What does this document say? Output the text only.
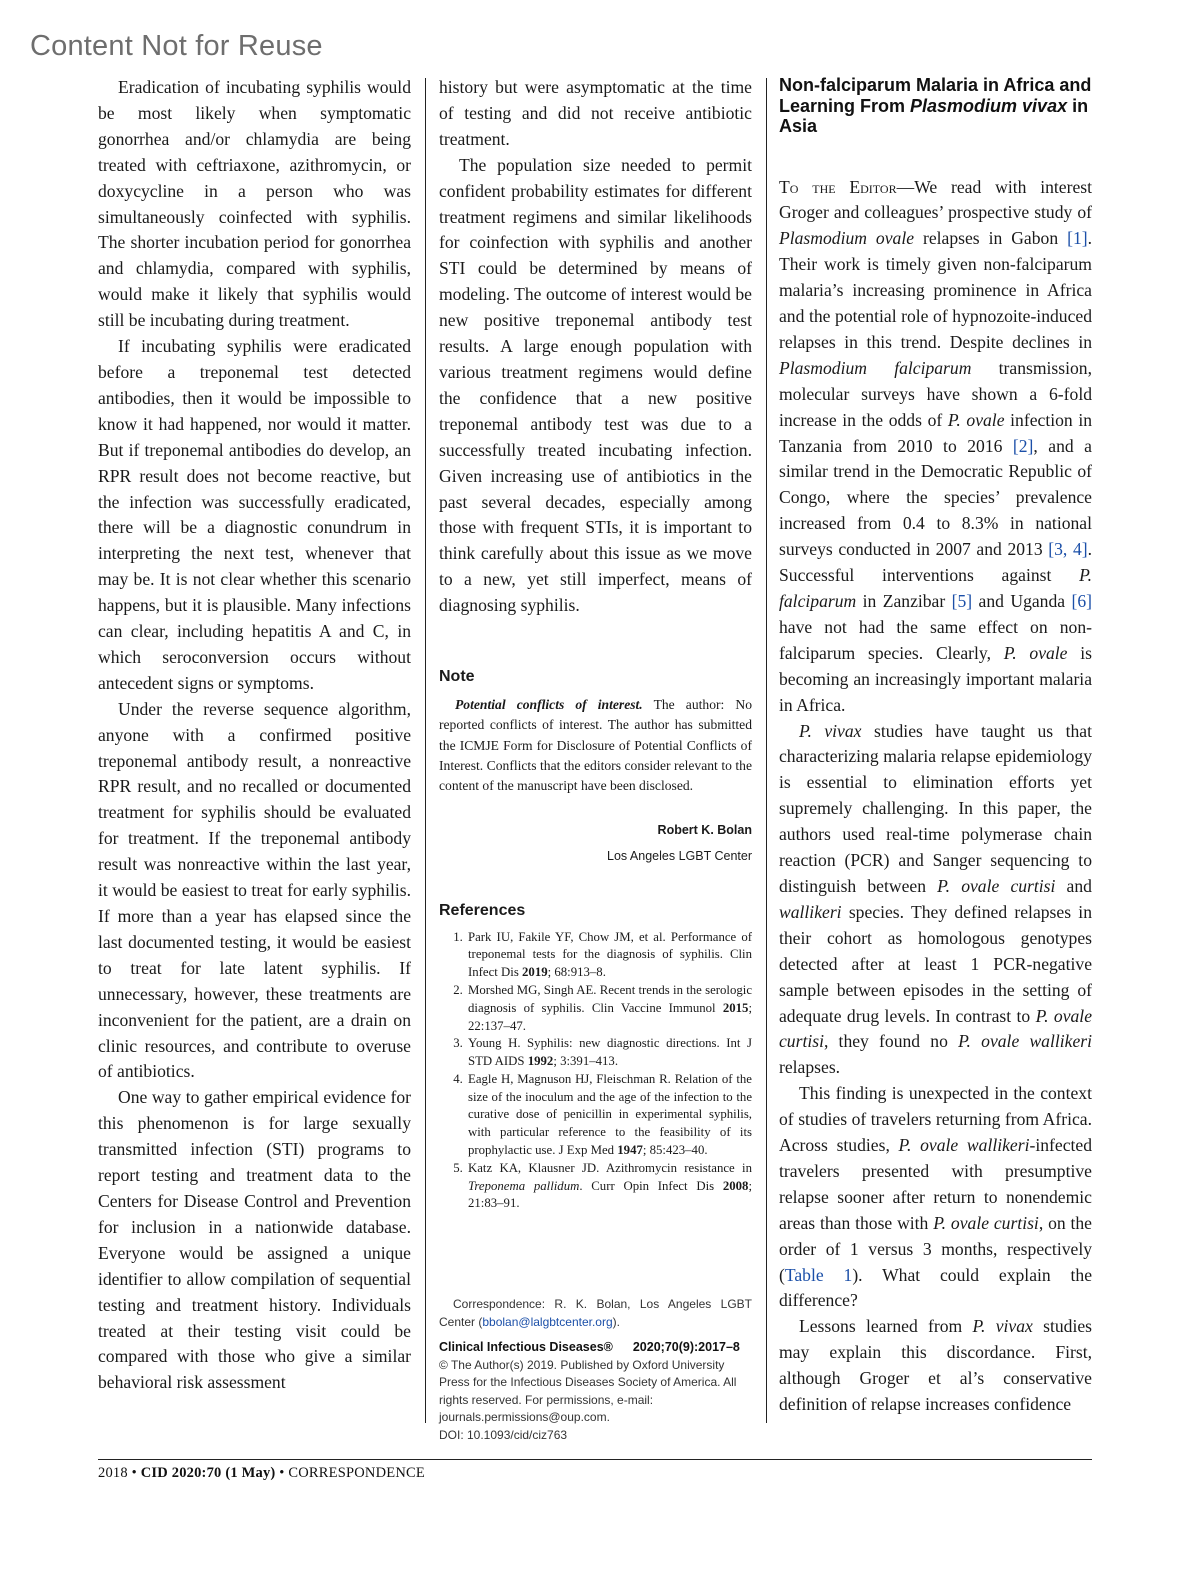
Content Not for Reuse

Eradication of incubating syphilis would be most likely when symptomatic gonorrhea and/or chlamydia are being treated with ceftriaxone, azithromycin, or doxycycline in a person who was simultaneously coinfected with syphilis. The shorter incubation period for gonorrhea and chlamydia, compared with syphilis, would make it likely that syphilis would still be incubating during treatment.

If incubating syphilis were eradicated before a treponemal test detected antibodies, then it would be impossible to know it had happened, nor would it matter. But if treponemal antibodies do develop, an RPR result does not become reactive, but the infection was successfully eradicated, there will be a diagnostic conundrum in interpreting the next test, whenever that may be. It is not clear whether this scenario happens, but it is plausible. Many infections can clear, including hepatitis A and C, in which seroconversion occurs without antecedent signs or symptoms.

Under the reverse sequence algorithm, anyone with a confirmed positive treponemal antibody result, a nonreactive RPR result, and no recalled or documented treatment for syphilis should be evaluated for treatment. If the treponemal antibody result was nonreactive within the last year, it would be easiest to treat for early syphilis. If more than a year has elapsed since the last documented testing, it would be easiest to treat for late latent syphilis. If unnecessary, however, these treatments are inconvenient for the patient, are a drain on clinic resources, and contribute to overuse of antibiotics.

One way to gather empirical evidence for this phenomenon is for large sexually transmitted infection (STI) programs to report testing and treatment data to the Centers for Disease Control and Prevention for inclusion in a nationwide database. Everyone would be assigned a unique identifier to allow compilation of sequential testing and treatment history. Individuals treated at their testing visit could be compared with those who give a similar behavioral risk assessment

history but were asymptomatic at the time of testing and did not receive antibiotic treatment.

The population size needed to permit confident probability estimates for different treatment regimens and similar likelihoods for coinfection with syphilis and another STI could be determined by means of modeling. The outcome of interest would be new positive treponemal antibody test results. A large enough population with various treatment regimens would define the confidence that a new positive treponemal antibody test was due to a successfully treated incubating infection. Given increasing use of antibiotics in the past several decades, especially among those with frequent STIs, it is important to think carefully about this issue as we move to a new, yet still imperfect, means of diagnosing syphilis.

Note
Potential conflicts of interest. The author: No reported conflicts of interest. The author has submitted the ICMJE Form for Disclosure of Potential Conflicts of Interest. Conflicts that the editors consider relevant to the content of the manuscript have been disclosed.
Robert K. Bolan
Los Angeles LGBT Center
References
1. Park IU, Fakile YF, Chow JM, et al. Performance of treponemal tests for the diagnosis of syphilis. Clin Infect Dis 2019; 68:913–8.
2. Morshed MG, Singh AE. Recent trends in the serologic diagnosis of syphilis. Clin Vaccine Immunol 2015; 22:137–47.
3. Young H. Syphilis: new diagnostic directions. Int J STD AIDS 1992; 3:391–413.
4. Eagle H, Magnuson HJ, Fleischman R. Relation of the size of the inoculum and the age of the infection to the curative dose of penicillin in experimental syphilis, with particular reference to the feasibility of its prophylactic use. J Exp Med 1947; 85:423–40.
5. Katz KA, Klausner JD. Azithromycin resistance in Treponema pallidum. Curr Opin Infect Dis 2008; 21:83–91.
Correspondence: R. K. Bolan, Los Angeles LGBT Center (bbolan@lalgbtcenter.org).
Clinical Infectious Diseases® 2020;70(9):2017–8
© The Author(s) 2019. Published by Oxford University Press for the Infectious Diseases Society of America. All rights reserved. For permissions, e-mail: journals.permissions@oup.com.
DOI: 10.1093/cid/ciz763
Non-falciparum Malaria in Africa and Learning From Plasmodium vivax in Asia

To the Editor—We read with interest Groger and colleagues’ prospective study of Plasmodium ovale relapses in Gabon [1]. Their work is timely given non-falciparum malaria’s increasing prominence in Africa and the potential role of hypnozoite-induced relapses in this trend. Despite declines in Plasmodium falciparum transmission, molecular surveys have shown a 6-fold increase in the odds of P. ovale infection in Tanzania from 2010 to 2016 [2], and a similar trend in the Democratic Republic of Congo, where the species’ prevalence increased from 0.4 to 8.3% in national surveys conducted in 2007 and 2013 [3, 4]. Successful interventions against P. falciparum in Zanzibar [5] and Uganda [6] have not had the same effect on non-falciparum species. Clearly, P. ovale is becoming an increasingly important malaria in Africa.

P. vivax studies have taught us that characterizing malaria relapse epidemiology is essential to elimination efforts yet supremely challenging. In this paper, the authors used real-time polymerase chain reaction (PCR) and Sanger sequencing to distinguish between P. ovale curtisi and wallikeri species. They defined relapses in their cohort as homologous genotypes detected after at least 1 PCR-negative sample between episodes in the setting of adequate drug levels. In contrast to P. ovale curtisi, they found no P. ovale wallikeri relapses.

This finding is unexpected in the context of studies of travelers returning from Africa. Across studies, P. ovale wallikeri-infected travelers presented with presumptive relapse sooner after return to nonendemic areas than those with P. ovale curtisi, on the order of 1 versus 3 months, respectively (Table 1). What could explain the difference?

Lessons learned from P. vivax studies may explain this discordance. First, although Groger et al’s conservative definition of relapse increases confidence

2018 • CID 2020:70 (1 May) • CORRESPONDENCE
